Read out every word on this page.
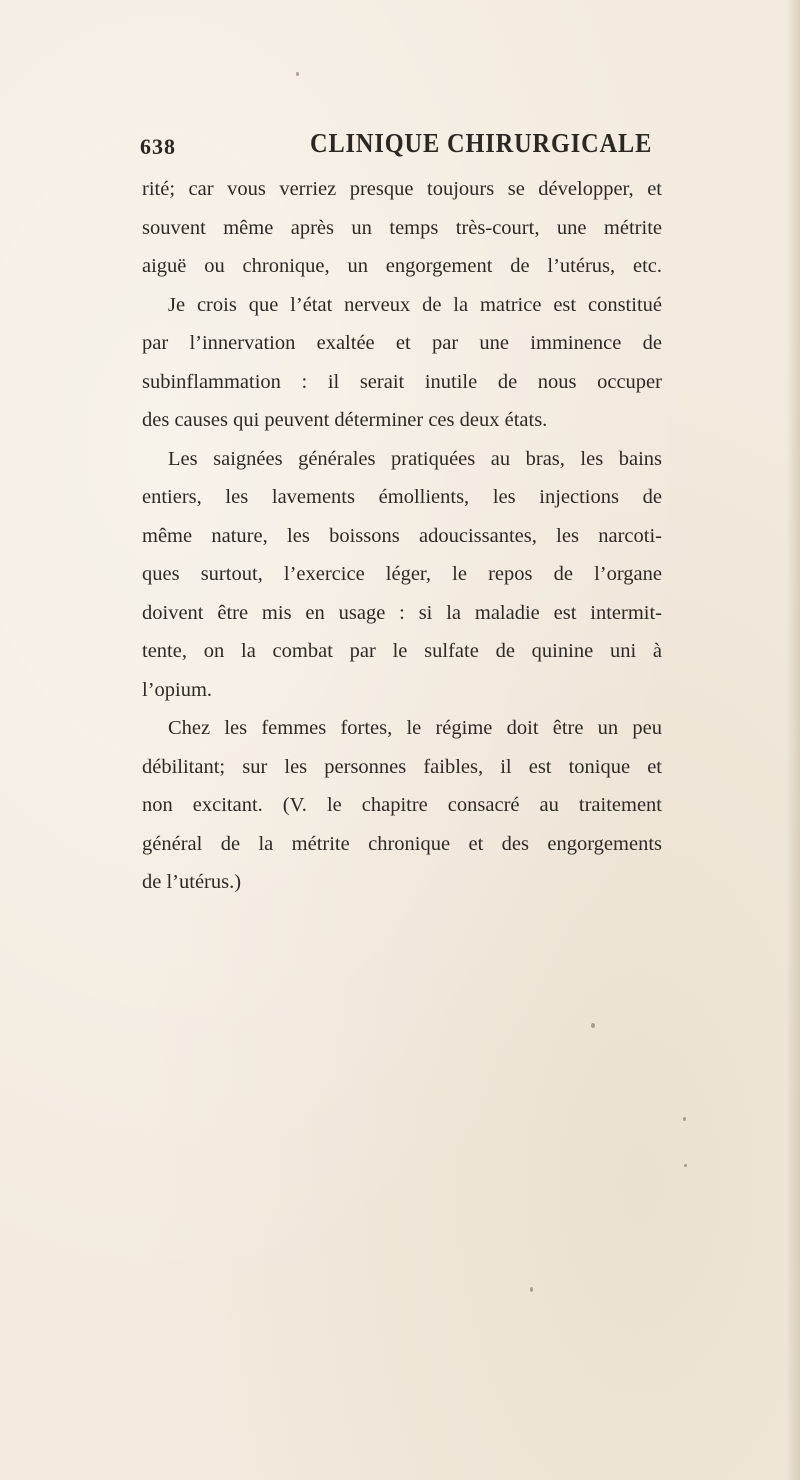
638	CLINIQUE CHIRURGICALE
rité; car vous verriez presque toujours se développer, et
souvent même après un temps très-court, une métrite
aiguë ou chronique, un engorgement de l’utérus, etc.
Je crois que l’état nerveux de la matrice est constitué
par l’innervation exaltée et par une imminence de
subinflammation : il serait inutile de nous occuper
des causes qui peuvent déterminer ces deux états.
Les saignées générales pratiquées au bras, les bains
entiers, les lavements émollients, les injections de
même nature, les boissons adoucissantes, les narcoti-
ques surtout, l’exercice léger, le repos de l’organe
doivent être mis en usage : si la maladie est intermit-
tente, on la combat par le sulfate de quinine uni à
l’opium.
Chez les femmes fortes, le régime doit être un peu
débilitant; sur les personnes faibles, il est tonique et
non excitant. (V. le chapitre consacré au traitement
général de la métrite chronique et des engorgements
de l’utérus.)
